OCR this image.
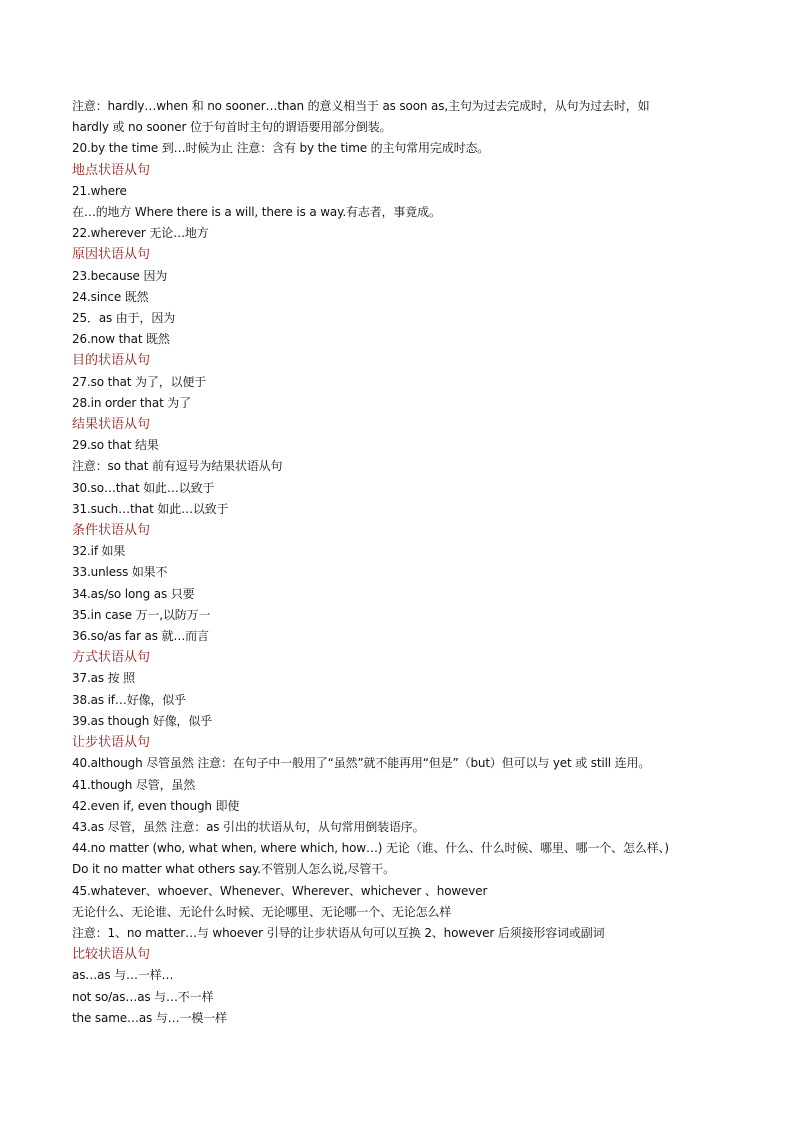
注意：hardly…when 和 no sooner…than 的意义相当于 as soon as,主句为过去完成时，从句为过去时，如
hardly 或 no sooner 位于句首时主句的谓语要用部分倒装。
20.by the time 到…时候为止 注意：含有 by the time 的主句常用完成时态。
地点状语从句
21.where
在…的地方 Where there is a will, there is a way.有志者，事竟成。
22.wherever 无论…地方
原因状语从句
23.because 因为
24.since 既然
25．as 由于，因为
26.now that 既然
目的状语从句
27.so that 为了，以便于
28.in order that 为了
结果状语从句
29.so that 结果
注意：so that 前有逗号为结果状语从句
30.so…that 如此…以致于
31.such…that 如此…以致于
条件状语从句
32.if 如果
33.unless 如果不
34.as/so long as 只要
35.in case 万一,以防万一
36.so/as far as 就…而言
方式状语从句
37.as 按 照
38.as if…好像，似乎
39.as though 好像，似乎
让步状语从句
40.although 尽管虽然 注意：在句子中一般用了“虽然”就不能再用“但是”（but）但可以与 yet 或 still 连用。
41.though 尽管，虽然
42.even if, even though 即使
43.as 尽管，虽然 注意：as 引出的状语从句，从句常用倒装语序。
44.no matter (who, what when, where which, how…) 无论（谁、什么、什么时候、哪里、哪一个、怎么样、)
Do it no matter what others say.不管别人怎么说,尽管干。
45.whatever、whoever、Whenever、Wherever、whichever 、however
无论什么、无论谁、无论什么时候、无论哪里、无论哪一个、无论怎么样
注意：1、no matter…与 whoever 引导的让步状语从句可以互换 2、however 后须接形容词或副词
比较状语从句
as…as 与…一样…
not so/as…as 与…不一样
the same…as 与…一模一样
